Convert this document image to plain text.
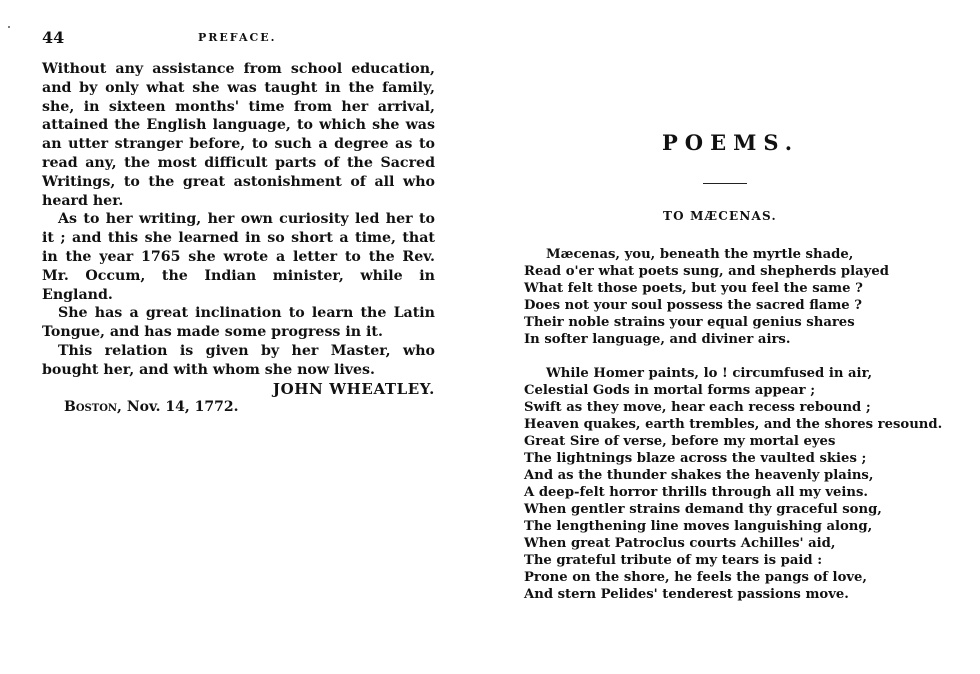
44	PREFACE.

Without any assistance from school education, and by only what she was taught in the family, she, in sixteen months' time from her arrival, attained the English language, to which she was an utter stranger before, to such a degree as to read any, the most difficult parts of the Sacred Writings, to the great astonishment of all who heard her.

As to her writing, her own curiosity led her to it ; and this she learned in so short a time, that in the year 1765 she wrote a letter to the Rev. Mr. Occum, the Indian minister, while in England.

She has a great inclination to learn the Latin Tongue, and has made some progress in it.

This relation is given by her Master, who bought her, and with whom she now lives.

JOHN WHEATLEY.

Boston, Nov. 14, 1772.

POEMS.

TO MÆCENAS.

Mæcenas, you, beneath the myrtle shade,

Read o'er what poets sung, and shepherds played

What felt those poets, but you feel the same ?

Does not your soul possess the sacred flame ?

Their noble strains your equal genius shares

In softer language, and diviner airs.

While Homer paints, lo ! circumfused in air,

Celestial Gods in mortal forms appear ;

Swift as they move, hear each recess rebound ;

Heaven quakes, earth trembles, and the shores resound.

Great Sire of verse, before my mortal eyes

The lightnings blaze across the vaulted skies ;

And as the thunder shakes the heavenly plains,

A deep-felt horror thrills through all my veins.

When gentler strains demand thy graceful song,

The lengthening line moves languishing along,

When great Patroclus courts Achilles' aid,

The grateful tribute of my tears is paid :

Prone on the shore, he feels the pangs of love,

And stern Pelides' tenderest passions move.
